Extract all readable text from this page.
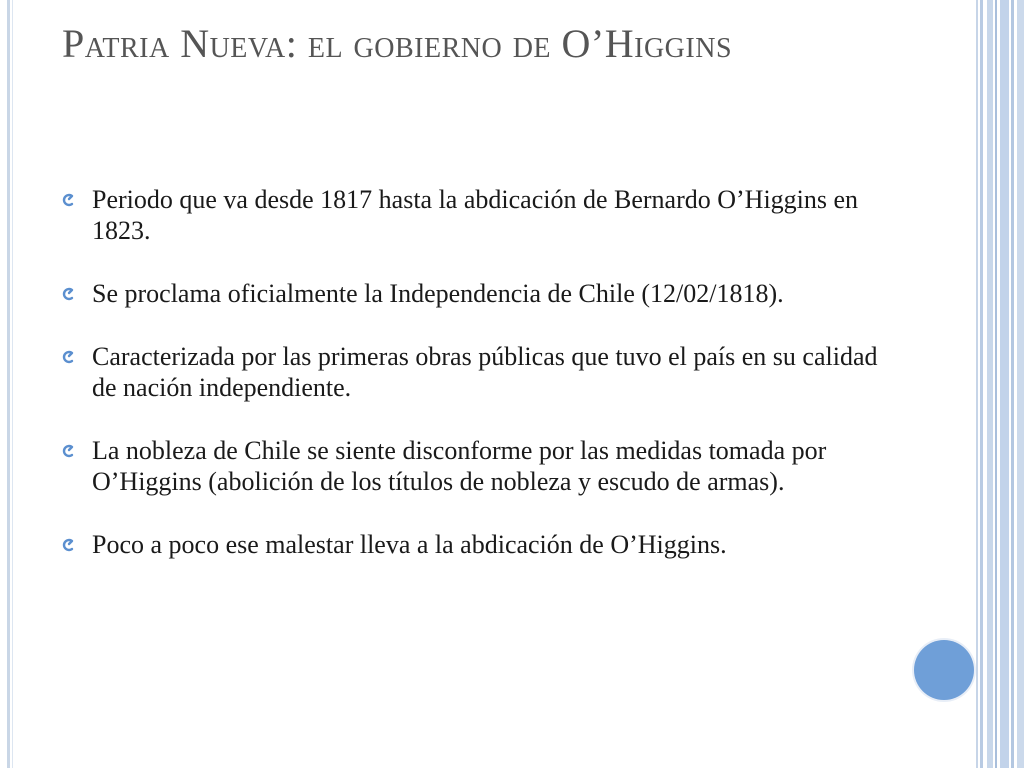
Patria Nueva: el gobierno de O’Higgins
Periodo que va desde 1817 hasta la abdicación de Bernardo O’Higgins en 1823.
Se proclama oficialmente la Independencia de Chile (12/02/1818).
Caracterizada por las primeras obras públicas que tuvo el país en su calidad de nación independiente.
La nobleza de Chile se siente disconforme por las medidas tomada por O’Higgins (abolición de los títulos de nobleza y escudo de armas).
Poco a poco ese malestar lleva a la abdicación de O’Higgins.
